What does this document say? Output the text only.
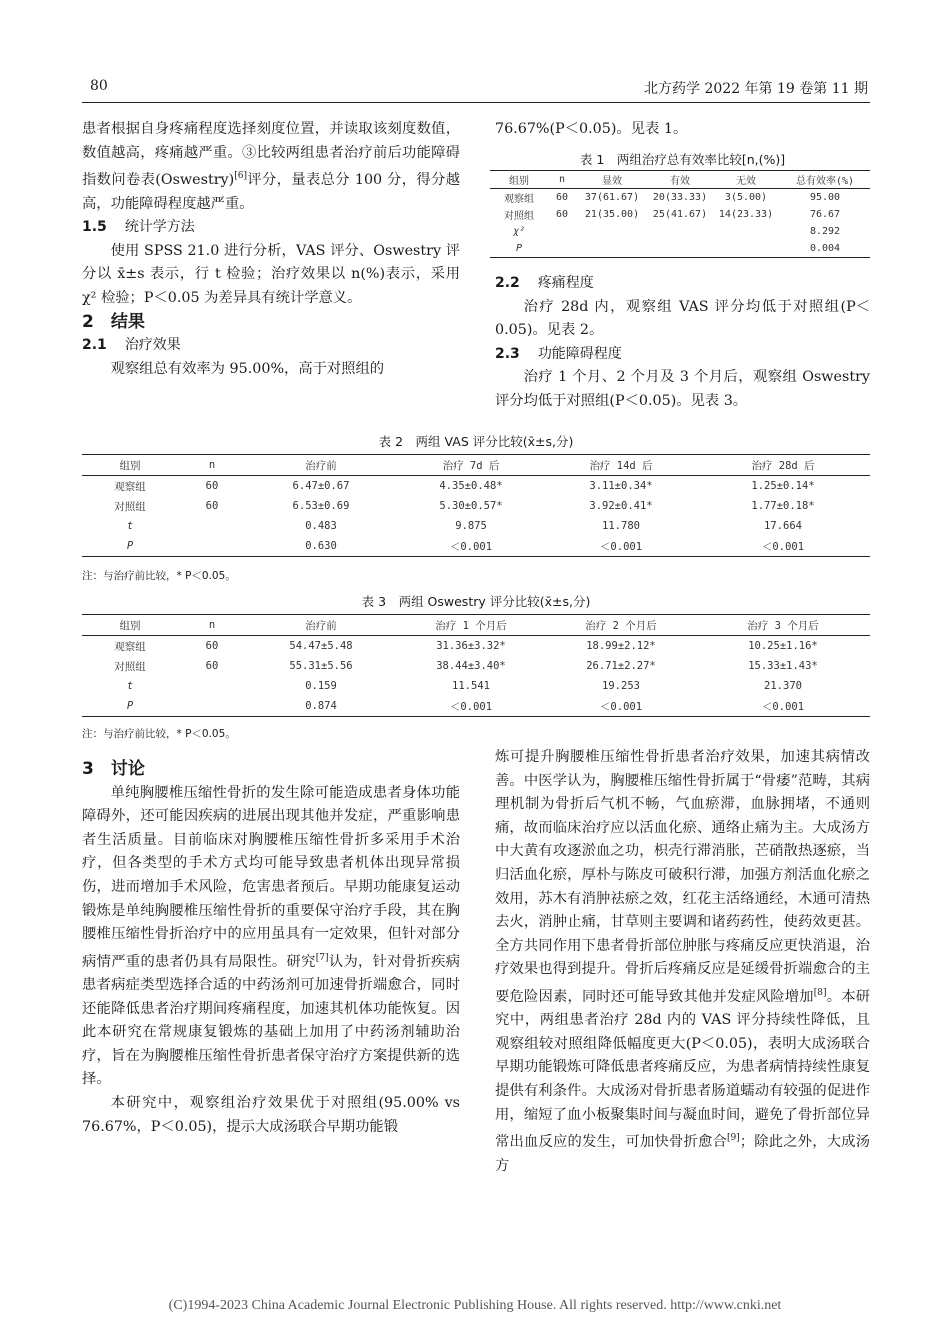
80	北方药学 2022 年第 19 卷第 11 期

患者根据自身疼痛程度选择刻度位置，并读取该刻度数值，数值越高，疼痛越严重。③比较两组患者治疗前后功能障碍指数问卷表(Oswestry)[6]评分，量表总分 100 分，得分越高，功能障碍程度越严重。

1.5 统计学方法

使用 SPSS 21.0 进行分析，VAS 评分、Oswestry 评分以 x̄±s 表示，行 t 检验；治疗效果以 n(%)表示，采用 χ² 检验；P＜0.05 为差异具有统计学意义。

2　结果

2.1 治疗效果

观察组总有效率为 95.00%，高于对照组的

76.67%(P＜0.05)。见表 1。

表 1　两组治疗总有效率比较[n,(%)]
组别	n	显效	有效	无效	总有效率(%)
观察组	60	37(61.67)	20(33.33)	3(5.00)	95.00
对照组	60	21(35.00)	25(41.67)	14(23.33)	76.67
χ²					8.292
P					0.004

2.2 疼痛程度

治疗 28d 内，观察组 VAS 评分均低于对照组(P＜0.05)。见表 2。

2.3 功能障碍程度

治疗 1 个月、2 个月及 3 个月后，观察组 Oswestry 评分均低于对照组(P＜0.05)。见表 3。

表 2　两组 VAS 评分比较(x̄±s,分)
组别	n	治疗前	治疗 7d 后	治疗 14d 后	治疗 28d 后
观察组	60	6.47±0.67	4.35±0.48*	3.11±0.34*	1.25±0.14*
对照组	60	6.53±0.69	5.30±0.57*	3.92±0.41*	1.77±0.18*
t		0.483	9.875	11.780	17.664
P		0.630	＜0.001	＜0.001	＜0.001
注：与治疗前比较，* P＜0.05。
表 3　两组 Oswestry 评分比较(x̄±s,分)
组别	n	治疗前	治疗 1 个月后	治疗 2 个月后	治疗 3 个月后
观察组	60	54.47±5.48	31.36±3.32*	18.99±2.12*	10.25±1.16*
对照组	60	55.31±5.56	38.44±3.40*	26.71±2.27*	15.33±1.43*
t		0.159	11.541	19.253	21.370
P		0.874	＜0.001	＜0.001	＜0.001
注：与治疗前比较，* P＜0.05。

3　讨论

单纯胸腰椎压缩性骨折的发生除可能造成患者身体功能障碍外，还可能因疾病的进展出现其他并发症，严重影响患者生活质量。目前临床对胸腰椎压缩性骨折多采用手术治疗，但各类型的手术方式均可能导致患者机体出现异常损伤，进而增加手术风险，危害患者预后。早期功能康复运动锻炼是单纯胸腰椎压缩性骨折的重要保守治疗手段，其在胸腰椎压缩性骨折治疗中的应用虽具有一定效果，但针对部分病情严重的患者仍具有局限性。研究[7]认为，针对骨折疾病患者病症类型选择合适的中药汤剂可加速骨折端愈合，同时还能降低患者治疗期间疼痛程度，加速其机体功能恢复。因此本研究在常规康复锻炼的基础上加用了中药汤剂辅助治疗，旨在为胸腰椎压缩性骨折患者保守治疗方案提供新的选择。

本研究中，观察组治疗效果优于对照组(95.00% vs 76.67%，P＜0.05)，提示大成汤联合早期功能锻

炼可提升胸腰椎压缩性骨折患者治疗效果，加速其病情改善。中医学认为，胸腰椎压缩性骨折属于“骨痿”范畴，其病理机制为骨折后气机不畅，气血瘀滞，血脉拥堵，不通则痛，故而临床治疗应以活血化瘀、通络止痛为主。大成汤方中大黄有攻逐淤血之功，枳壳行滞消胀，芒硝散热逐瘀，当归活血化瘀，厚朴与陈皮可破积行滞，加强方剂活血化瘀之效用，苏木有消肿祛瘀之效，红花主活络通经，木通可清热去火，消肿止痛，甘草则主要调和诸药药性，使药效更甚。全方共同作用下患者骨折部位肿胀与疼痛反应更快消退，治疗效果也得到提升。骨折后疼痛反应是延缓骨折端愈合的主要危险因素，同时还可能导致其他并发症风险增加[8]。本研究中，两组患者治疗 28d 内的 VAS 评分持续性降低，且观察组较对照组降低幅度更大(P＜0.05)，表明大成汤联合早期功能锻炼可降低患者疼痛反应，为患者病情持续性康复提供有利条件。大成汤对骨折患者肠道蠕动有较强的促进作用，缩短了血小板聚集时间与凝血时间，避免了骨折部位异常出血反应的发生，可加快骨折愈合[9]；除此之外，大成汤方

(C)1994-2023 China Academic Journal Electronic Publishing House. All rights reserved. http://www.cnki.net
